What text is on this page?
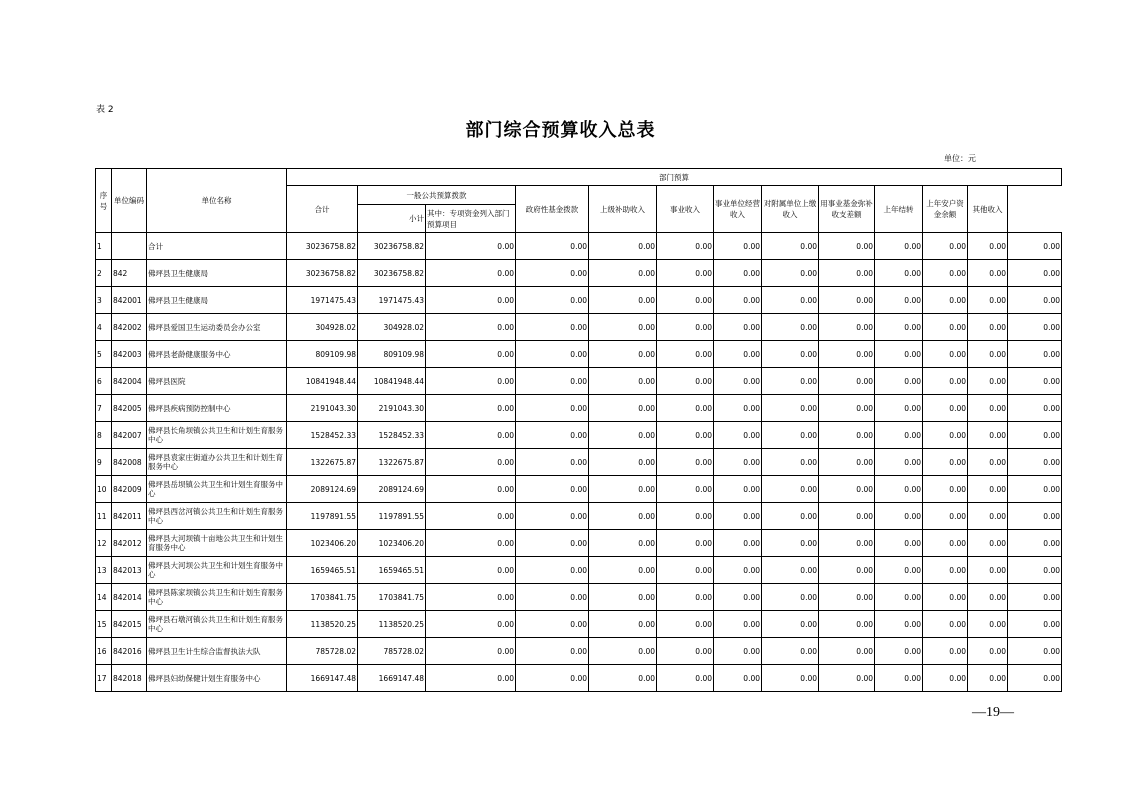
表 2
部门综合预算收入总表
单位：元
序号	单位编码	单位名称	部门预算												
			合计	一般公共预算拨款		政府性基金拨款	上级补助收入	事业收入	事业单位经营收入	对附属单位上缴收入	用事业基金弥补收支差额	上年结转	上年安户资金余额	其他收入	
				小计	其中：专项资金列入部门预算项目										
1		合计	30236758.82	30236758.82	0.00	0.00	0.00	0.00	0.00	0.00	0.00	0.00	0.00	0.00	0.00
2	842	佛坪县卫生健康局	30236758.82	30236758.82	0.00	0.00	0.00	0.00	0.00	0.00	0.00	0.00	0.00	0.00	0.00
3	842001	佛坪县卫生健康局	1971475.43	1971475.43	0.00	0.00	0.00	0.00	0.00	0.00	0.00	0.00	0.00	0.00	0.00
4	842002	佛坪县爱国卫生运动委员会办公室	304928.02	304928.02	0.00	0.00	0.00	0.00	0.00	0.00	0.00	0.00	0.00	0.00	0.00
5	842003	佛坪县老龄健康服务中心	809109.98	809109.98	0.00	0.00	0.00	0.00	0.00	0.00	0.00	0.00	0.00	0.00	0.00
6	842004	佛坪县医院	10841948.44	10841948.44	0.00	0.00	0.00	0.00	0.00	0.00	0.00	0.00	0.00	0.00	0.00
7	842005	佛坪县疾病预防控制中心	2191043.30	2191043.30	0.00	0.00	0.00	0.00	0.00	0.00	0.00	0.00	0.00	0.00	0.00
8	842007	佛坪县长角坝镇公共卫生和计划生育服务中心	1528452.33	1528452.33	0.00	0.00	0.00	0.00	0.00	0.00	0.00	0.00	0.00	0.00	0.00
9	842008	佛坪县袁家庄街道办公共卫生和计划生育服务中心	1322675.87	1322675.87	0.00	0.00	0.00	0.00	0.00	0.00	0.00	0.00	0.00	0.00	0.00
10	842009	佛坪县岳坝镇公共卫生和计划生育服务中心	2089124.69	2089124.69	0.00	0.00	0.00	0.00	0.00	0.00	0.00	0.00	0.00	0.00	0.00
11	842011	佛坪县西岔河镇公共卫生和计划生育服务中心	1197891.55	1197891.55	0.00	0.00	0.00	0.00	0.00	0.00	0.00	0.00	0.00	0.00	0.00
12	842012	佛坪县大河坝镇十亩地公共卫生和计划生育服务中心	1023406.20	1023406.20	0.00	0.00	0.00	0.00	0.00	0.00	0.00	0.00	0.00	0.00	0.00
13	842013	佛坪县大河坝公共卫生和计划生育服务中心	1659465.51	1659465.51	0.00	0.00	0.00	0.00	0.00	0.00	0.00	0.00	0.00	0.00	0.00
14	842014	佛坪县陈家坝镇公共卫生和计划生育服务中心	1703841.75	1703841.75	0.00	0.00	0.00	0.00	0.00	0.00	0.00	0.00	0.00	0.00	0.00
15	842015	佛坪县石墩河镇公共卫生和计划生育服务中心	1138520.25	1138520.25	0.00	0.00	0.00	0.00	0.00	0.00	0.00	0.00	0.00	0.00	0.00
16	842016	佛坪县卫生计生综合监督执法大队	785728.02	785728.02	0.00	0.00	0.00	0.00	0.00	0.00	0.00	0.00	0.00	0.00	0.00
17	842018	佛坪县妇幼保健计划生育服务中心	1669147.48	1669147.48	0.00	0.00	0.00	0.00	0.00	0.00	0.00	0.00	0.00	0.00	0.00
—19—
